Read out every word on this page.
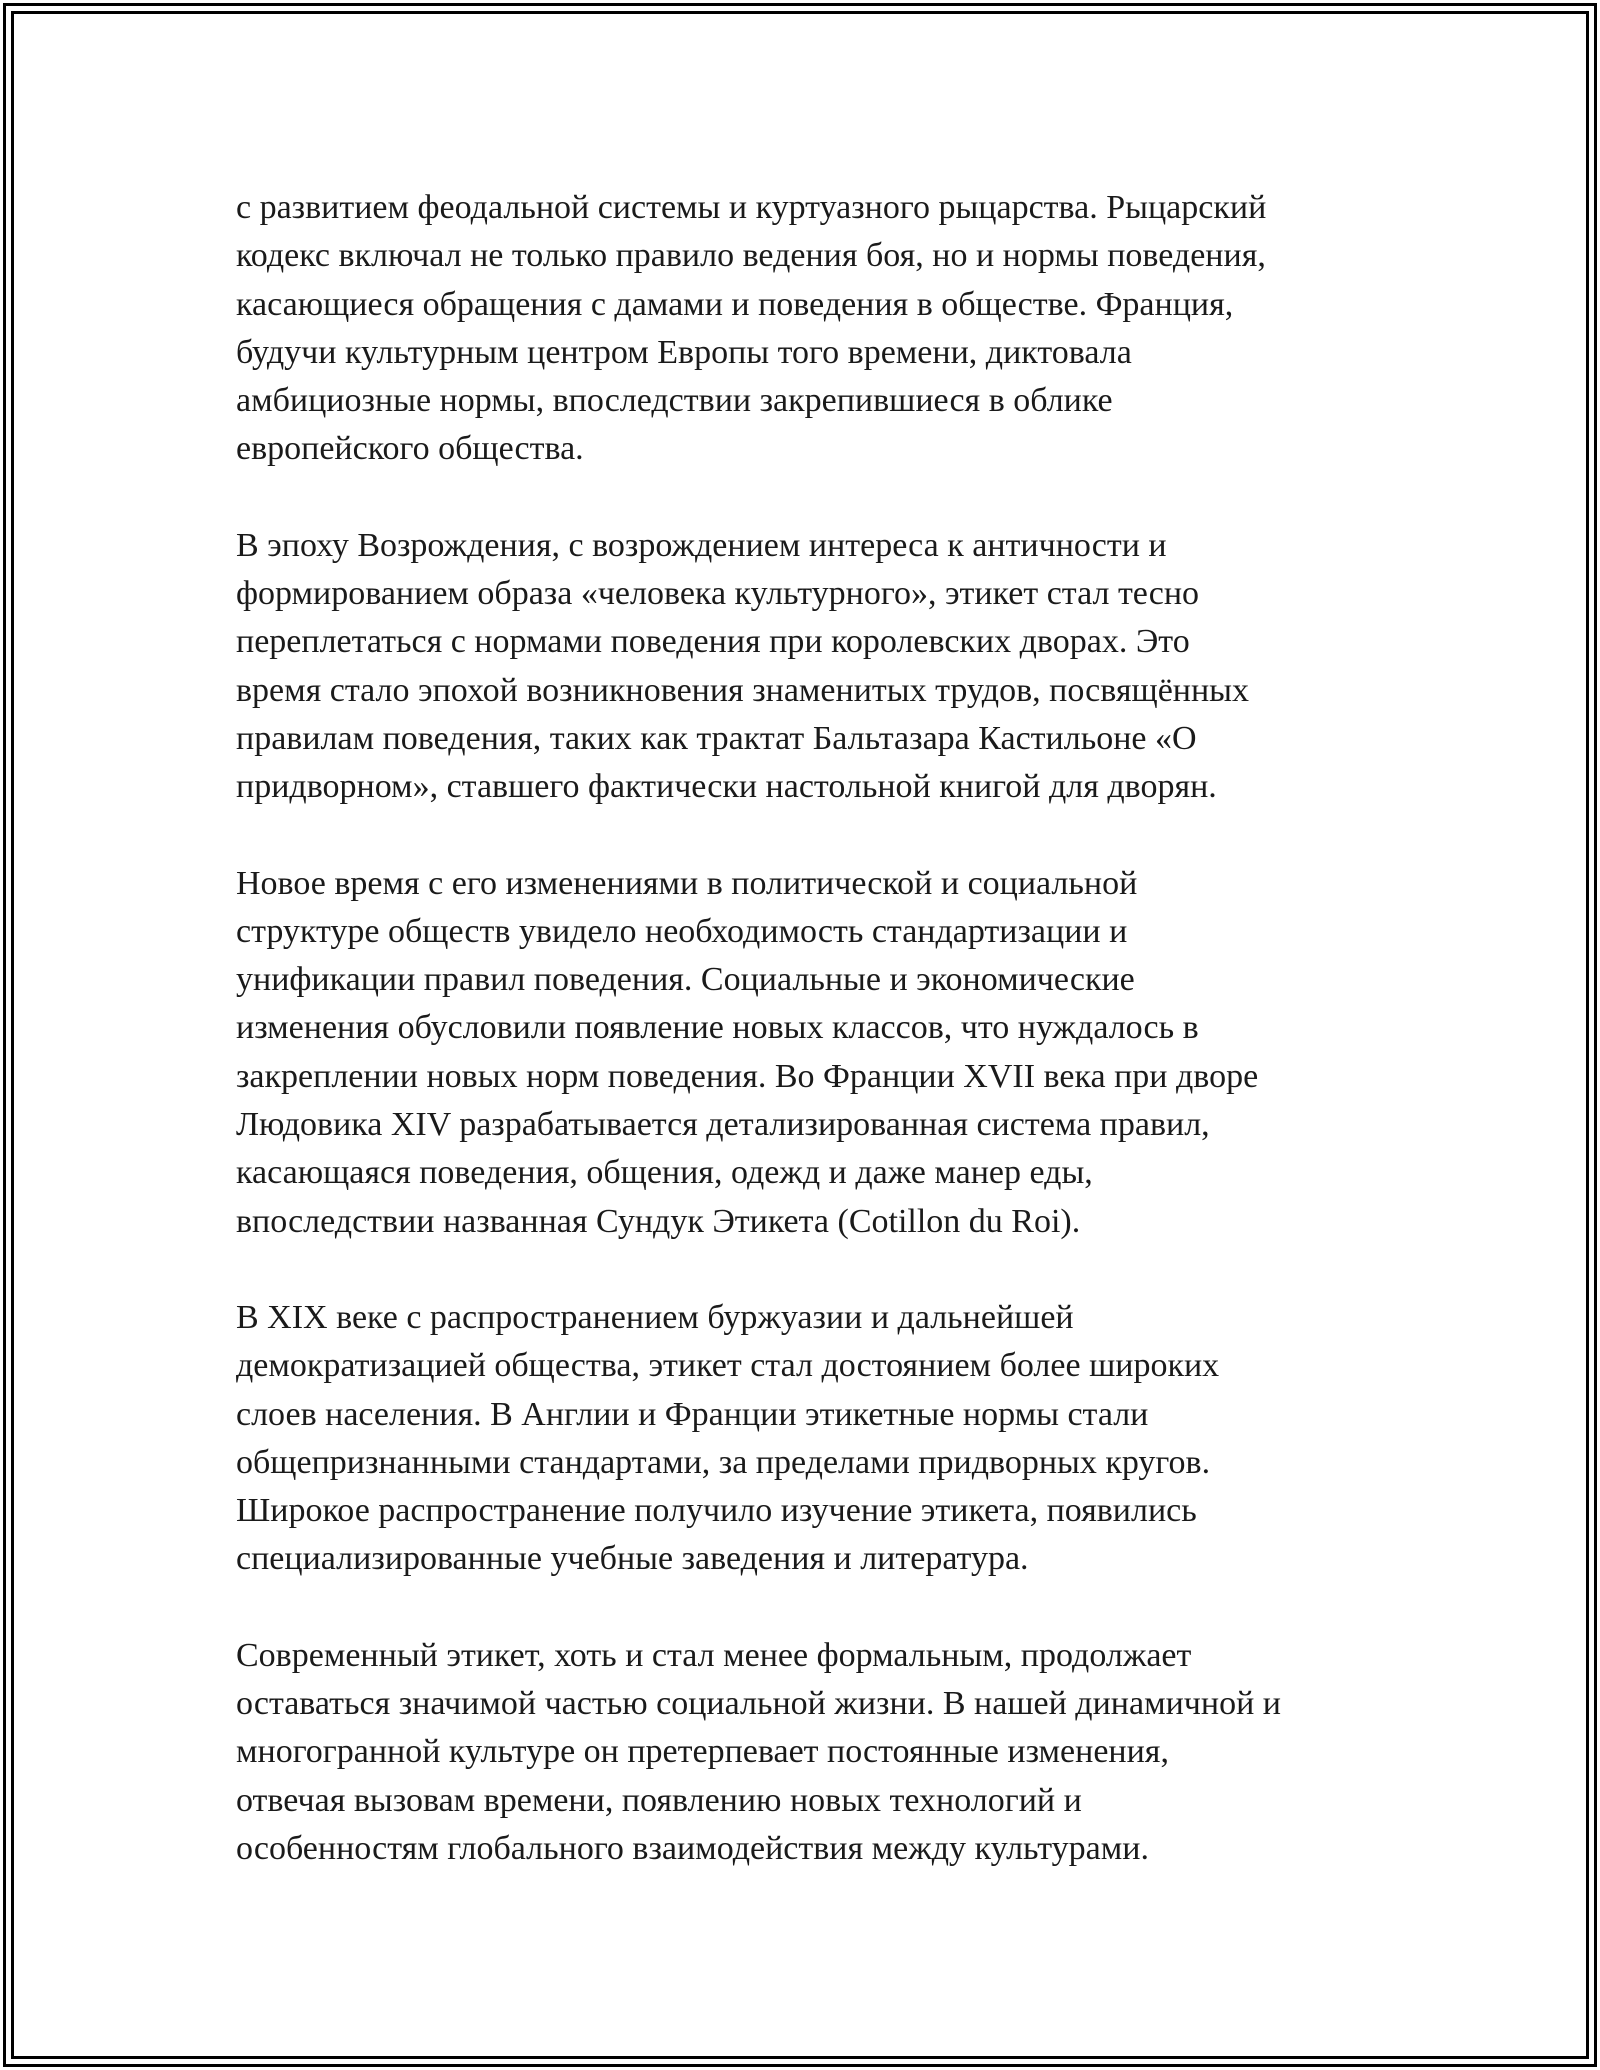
с развитием феодальной системы и куртуазного рыцарства. Рыцарский
кодекс включал не только правило ведения боя, но и нормы поведения,
касающиеся обращения с дамами и поведения в обществе. Франция,
будучи культурным центром Европы того времени, диктовала
амбициозные нормы, впоследствии закрепившиеся в облике
европейского общества.

В эпоху Возрождения, с возрождением интереса к античности и
формированием образа «человека культурного», этикет стал тесно
переплетаться с нормами поведения при королевских дворах. Это
время стало эпохой возникновения знаменитых трудов, посвящённых
правилам поведения, таких как трактат Бальтазара Кастильоне «О
придворном», ставшего фактически настольной книгой для дворян.

Новое время с его изменениями в политической и социальной
структуре обществ увидело необходимость стандартизации и
унификации правил поведения. Социальные и экономические
изменения обусловили появление новых классов, что нуждалось в
закреплении новых норм поведения. Во Франции XVII века при дворе
Людовика XIV разрабатывается детализированная система правил,
касающаяся поведения, общения, одежд и даже манер еды,
впоследствии названная Сундук Этикета (Cotillon du Roi).

В XIX веке с распространением буржуазии и дальнейшей
демократизацией общества, этикет стал достоянием более широких
слоев населения. В Англии и Франции этикетные нормы стали
общепризнанными стандартами, за пределами придворных кругов.
Широкое распространение получило изучение этикета, появились
специализированные учебные заведения и литература.

Современный этикет, хоть и стал менее формальным, продолжает
оставаться значимой частью социальной жизни. В нашей динамичной и
многогранной культуре он претерпевает постоянные изменения,
отвечая вызовам времени, появлению новых технологий и
особенностям глобального взаимодействия между культурами.
